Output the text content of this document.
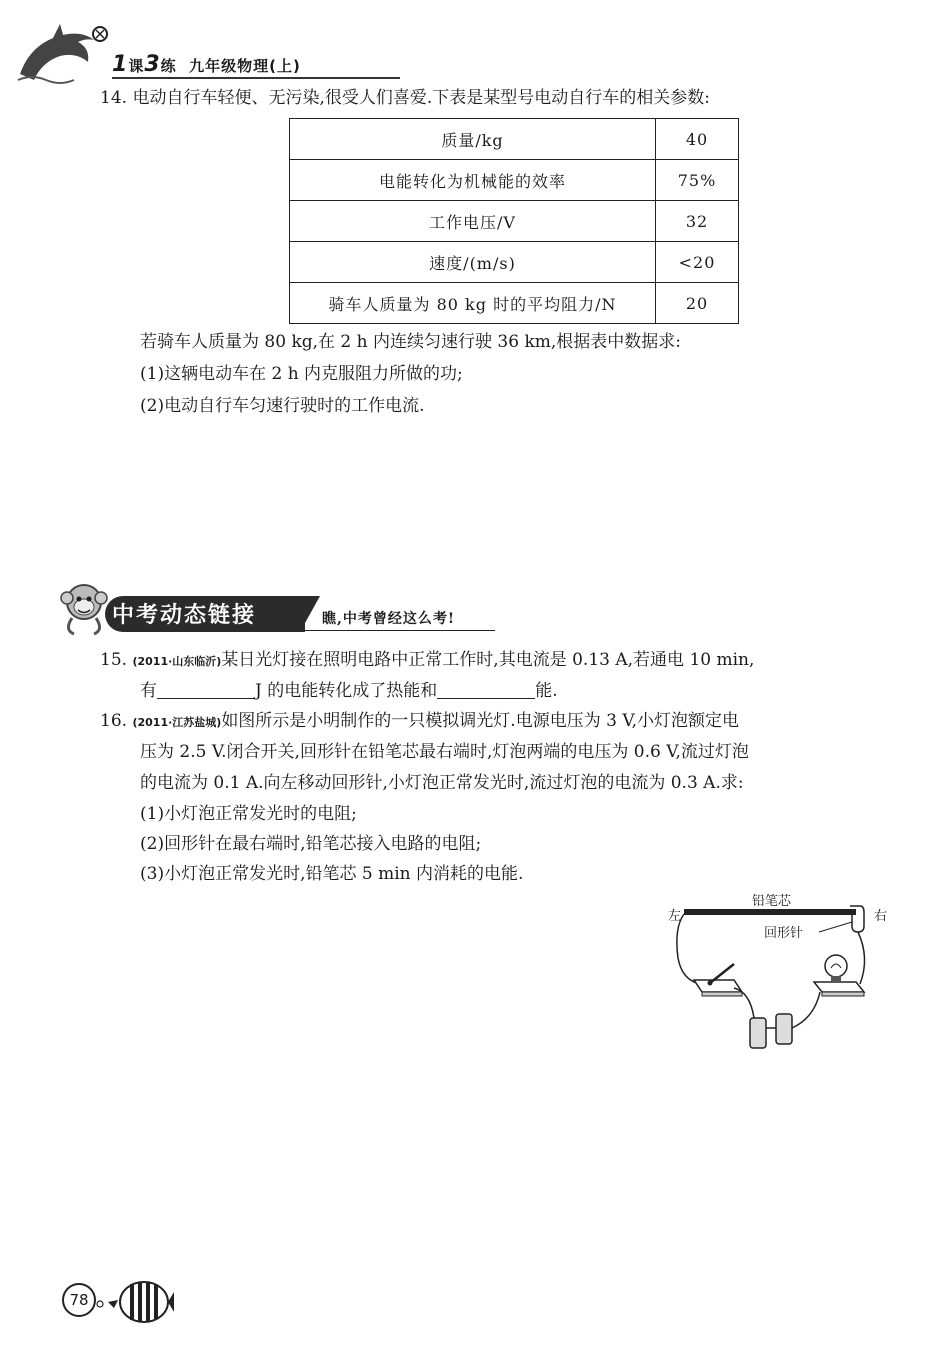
1课3练 九年级物理(上)
14. 电动自行车轻便、无污染,很受人们喜爱.下表是某型号电动自行车的相关参数:
质量/kg	40
电能转化为机械能的效率	75%
工作电压/V	32
速度/(m/s)	<20
骑车人质量为 80 kg 时的平均阻力/N	20
若骑车人质量为 80 kg,在 2 h 内连续匀速行驶 36 km,根据表中数据求:
(1)这辆电动车在 2 h 内克服阻力所做的功;
(2)电动自行车匀速行驶时的工作电流.
中考动态链接	瞧,中考曾经这么考!
15. (2011·山东临沂)某日光灯接在照明电路中正常工作时,其电流是 0.13 A,若通电 10 min,
有	J 的电能转化成了热能和	能.
16. (2011·江苏盐城)如图所示是小明制作的一只模拟调光灯.电源电压为 3 V,小灯泡额定电
压为 2.5 V.闭合开关,回形针在铅笔芯最右端时,灯泡两端的电压为 0.6 V,流过灯泡
的电流为 0.1 A.向左移动回形针,小灯泡正常发光时,流过灯泡的电流为 0.3 A.求:
(1)小灯泡正常发光时的电阻;
(2)回形针在最右端时,铅笔芯接入电路的电阻;
(3)小灯泡正常发光时,铅笔芯 5 min 内消耗的电能.
铅笔芯
左	右
回形针
78
